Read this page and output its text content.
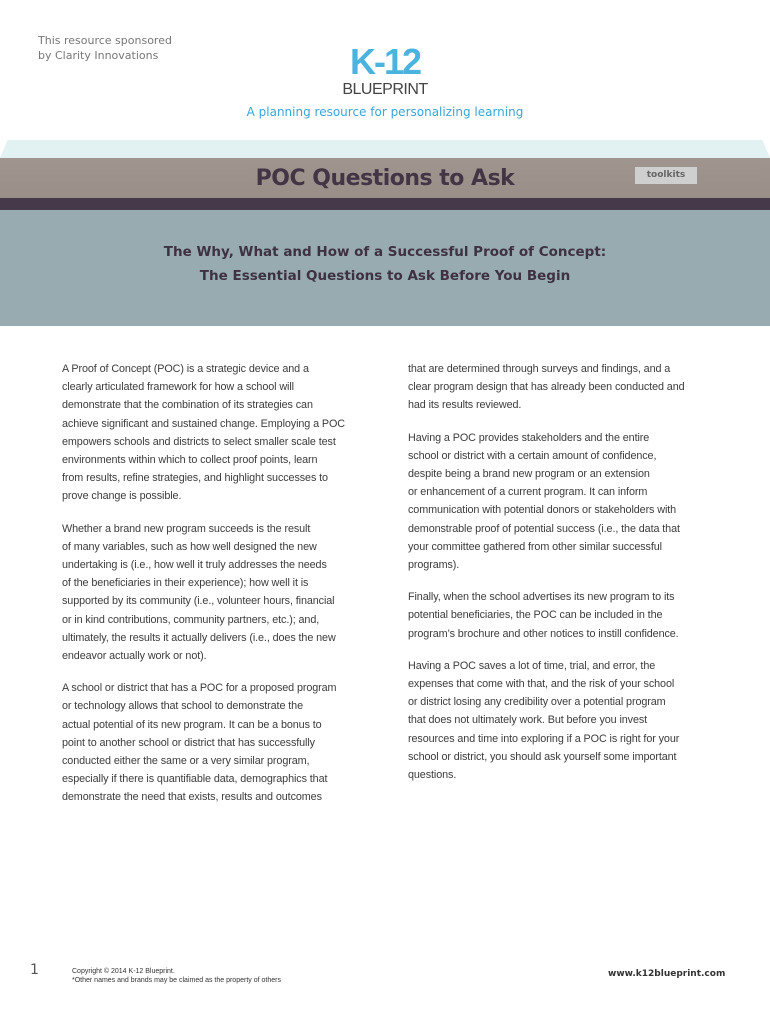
This resource sponsored
by Clarity Innovations	K-12
BLUEPRINT
A planning resource for personalizing learning
POC Questions to Ask	toolkits
The Why, What and How of a Successful Proof of Concept:
The Essential Questions to Ask Before You Begin

A Proof of Concept (POC) is a strategic device and a
clearly articulated framework for how a school will
demonstrate that the combination of its strategies can
achieve significant and sustained change. Employing a POC
empowers schools and districts to select smaller scale test
environments within which to collect proof points, learn
from results, refine strategies, and highlight successes to
prove change is possible.

Whether a brand new program succeeds is the result
of many variables, such as how well designed the new
undertaking is (i.e., how well it truly addresses the needs
of the beneficiaries in their experience); how well it is
supported by its community (i.e., volunteer hours, financial
or in kind contributions, community partners, etc.); and,
ultimately, the results it actually delivers (i.e., does the new
endeavor actually work or not).

A school or district that has a POC for a proposed program
or technology allows that school to demonstrate the
actual potential of its new program. It can be a bonus to
point to another school or district that has successfully
conducted either the same or a very similar program,
especially if there is quantifiable data, demographics that
demonstrate the need that exists, results and outcomes

that are determined through surveys and findings, and a
clear program design that has already been conducted and
had its results reviewed.

Having a POC provides stakeholders and the entire
school or district with a certain amount of confidence,
despite being a brand new program or an extension
or enhancement of a current program. It can inform
communication with potential donors or stakeholders with
demonstrable proof of potential success (i.e., the data that
your committee gathered from other similar successful
programs).

Finally, when the school advertises its new program to its
potential beneficiaries, the POC can be included in the
program’s brochure and other notices to instill confidence.

Having a POC saves a lot of time, trial, and error, the
expenses that come with that, and the risk of your school
or district losing any credibility over a potential program
that does not ultimately work. But before you invest
resources and time into exploring if a POC is right for your
school or district, you should ask yourself some important
questions.

1	Copyright © 2014 K-12 Blueprint.
*Other names and brands may be claimed as the property of others
www.k12blueprint.com
